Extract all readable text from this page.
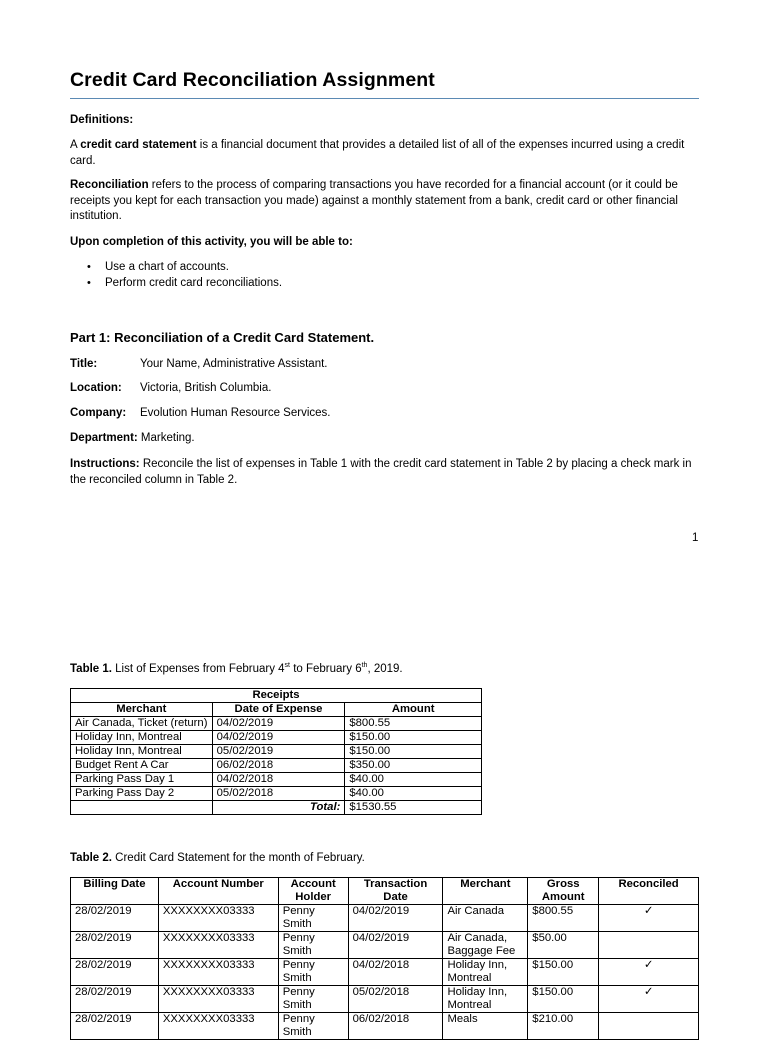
Credit Card Reconciliation Assignment
Definitions:
A credit card statement is a financial document that provides a detailed list of all of the expenses incurred using a credit card.
Reconciliation refers to the process of comparing transactions you have recorded for a financial account (or it could be receipts you kept for each transaction you made) against a monthly statement from a bank, credit card or other financial institution.
Upon completion of this activity, you will be able to:
• Use a chart of accounts.
• Perform credit card reconciliations.
Part 1: Reconciliation of a Credit Card Statement.
Title:	Your Name, Administrative Assistant.
Location: Victoria, British Columbia.
Company: Evolution Human Resource Services.
Department: Marketing.
Instructions: Reconcile the list of expenses in Table 1 with the credit card statement in Table 2 by placing a check mark in the reconciled column in Table 2.
1
Table 1. List of Expenses from February 4st to February 6th, 2019.
Receipts		
Merchant	Date of Expense	Amount
Air Canada, Ticket (return)	04/02/2019	$800.55
Holiday Inn, Montreal	04/02/2019	$150.00
Holiday Inn, Montreal	05/02/2019	$150.00
Budget Rent A Car	06/02/2018	$350.00
Parking Pass Day 1	04/02/2018	$40.00
Parking Pass Day 2	05/02/2018	$40.00
	Total:	$1530.55
Table 2. Credit Card Statement for the month of February.
Billing Date	Account Number	Account Holder	Transaction Date	Merchant	Gross Amount	Reconciled
28/02/2019	XXXXXXXX03333	Penny Smith	04/02/2019	Air Canada	$800.55	✓
28/02/2019	XXXXXXXX03333	Penny Smith	04/02/2019	Air Canada, Baggage Fee	$50.00	
28/02/2019	XXXXXXXX03333	Penny Smith	04/02/2018	Holiday Inn, Montreal	$150.00	✓
28/02/2019	XXXXXXXX03333	Penny Smith	05/02/2018	Holiday Inn, Montreal	$150.00	✓
28/02/2019	XXXXXXXX03333	Penny Smith	06/02/2018	Meals	$210.00	
